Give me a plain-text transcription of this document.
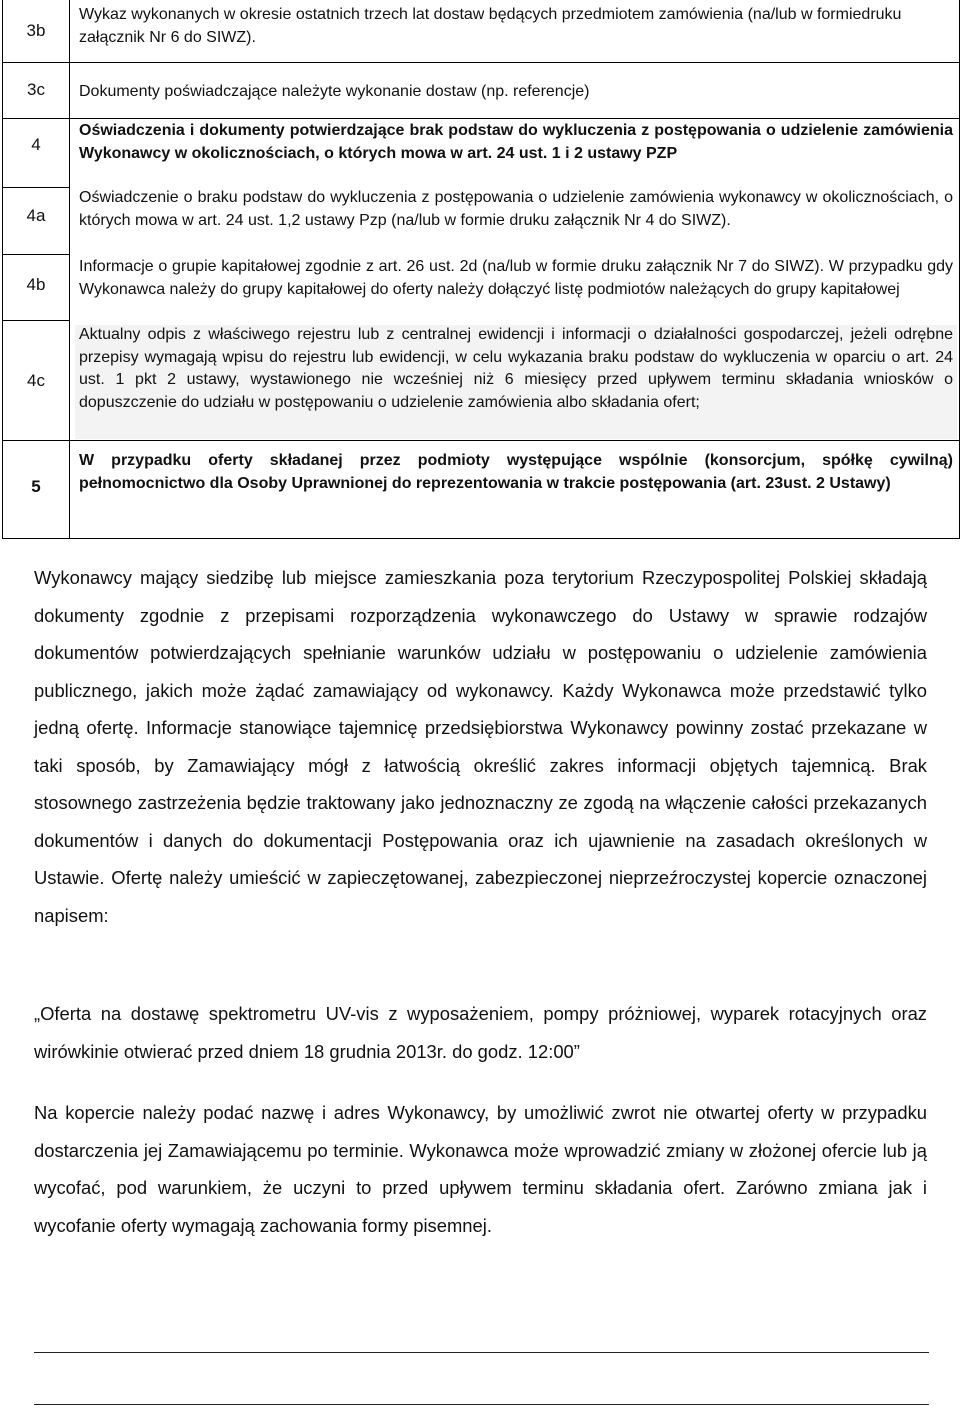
3b
3c
4
4a
4b
4c
5
Wykaz wykonanych w okresie ostatnich trzech lat dostaw będących przedmiotem zamówienia (na/lub w formiedruku załącznik Nr 6 do SIWZ).
Dokumenty poświadczające należyte wykonanie dostaw (np. referencje)
Oświadczenia i dokumenty potwierdzające brak podstaw do wykluczenia z postępowania o udzielenie zamówienia Wykonawcy w okolicznościach, o których mowa w art. 24 ust. 1 i 2 ustawy PZP
Oświadczenie o braku podstaw do wykluczenia z postępowania o udzielenie zamówienia wykonawcy w okolicznościach, o których mowa w art. 24 ust. 1,2 ustawy Pzp (na/lub w formie druku załącznik Nr 4 do SIWZ).
Informacje o grupie kapitałowej zgodnie z art. 26 ust. 2d (na/lub w formie druku załącznik Nr 7 do SIWZ). W przypadku gdy Wykonawca należy do grupy kapitałowej do oferty należy dołączyć listę podmiotów należących do grupy kapitałowej
Aktualny odpis z właściwego rejestru lub z centralnej ewidencji i informacji o działalności gospodarczej, jeżeli odrębne przepisy wymagają wpisu do rejestru lub ewidencji, w celu wykazania braku podstaw do wykluczenia w oparciu o art. 24 ust. 1 pkt 2 ustawy, wystawionego nie wcześniej niż 6 miesięcy przed upływem terminu składania wniosków o dopuszczenie do udziału w postępowaniu o udzielenie zamówienia albo składania ofert;
W przypadku oferty składanej przez podmioty występujące wspólnie (konsorcjum, spółkę cywilną) pełnomocnictwo dla Osoby Uprawnionej do reprezentowania w trakcie postępowania (art. 23ust. 2 Ustawy)
Wykonawcy mający siedzibę lub miejsce zamieszkania poza terytorium Rzeczypospolitej Polskiej składają dokumenty zgodnie z przepisami rozporządzenia wykonawczego do Ustawy w sprawie rodzajów dokumentów potwierdzających spełnianie warunków udziału w postępowaniu o udzielenie zamówienia publicznego, jakich może żądać zamawiający od wykonawcy. Każdy Wykonawca może przedstawić tylko jedną ofertę. Informacje stanowiące tajemnicę przedsiębiorstwa Wykonawcy powinny zostać przekazane w taki sposób, by Zamawiający mógł z łatwością określić zakres informacji objętych tajemnicą. Brak stosownego zastrzeżenia będzie traktowany jako jednoznaczny ze zgodą na włączenie całości przekazanych dokumentów i danych do dokumentacji Postępowania oraz ich ujawnienie na zasadach określonych w Ustawie. Ofertę należy umieścić w zapieczętowanej, zabezpieczonej nieprzeźroczystej kopercie oznaczonej napisem:
„Oferta na dostawę spektrometru UV-vis z wyposażeniem, pompy próżniowej, wyparek rotacyjnych oraz wirówkinie otwierać przed dniem 18 grudnia 2013r. do godz. 12:00”
Na kopercie należy podać nazwę i adres Wykonawcy, by umożliwić zwrot nie otwartej oferty w przypadku dostarczenia jej Zamawiającemu po terminie. Wykonawca może wprowadzić zmiany w złożonej ofercie lub ją wycofać, pod warunkiem, że uczyni to przed upływem terminu składania ofert. Zarówno zmiana jak i wycofanie oferty wymagają zachowania formy pisemnej.
